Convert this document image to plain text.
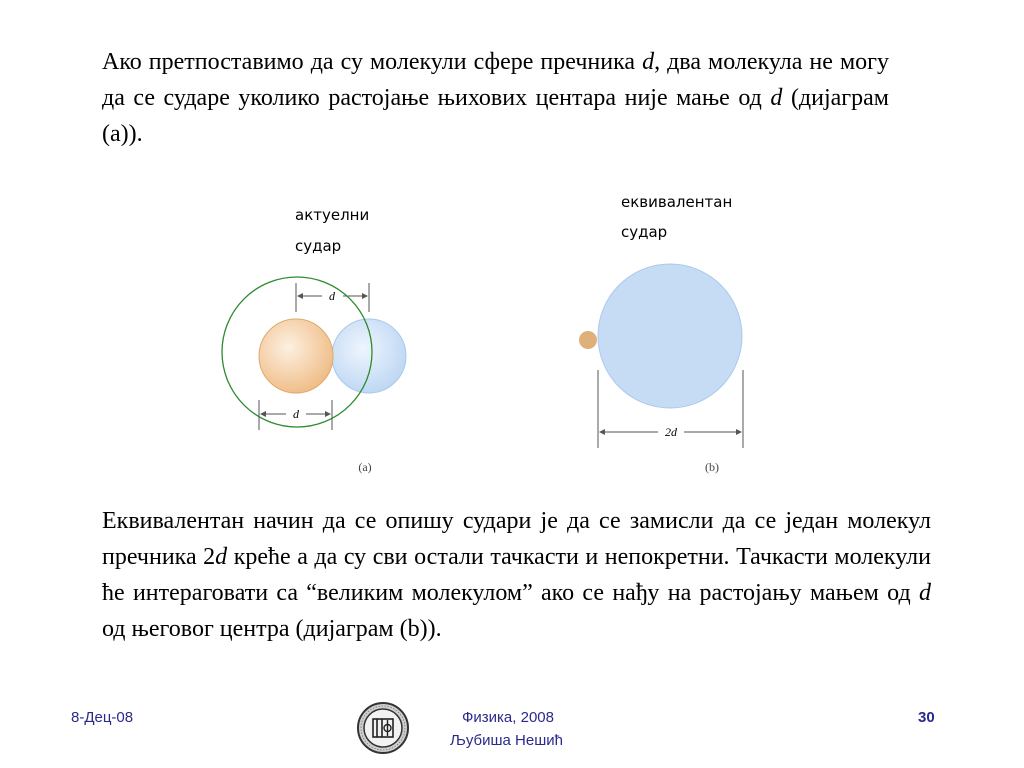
Ако претпоставимо да су молекули сфере пречника d, два молекула не могу да се сударе уколико растојање њихових центара није мање од d (дијаграм (а)).

актуелни
судар
d
d
(a)
еквивалентан
судар
2d
(b)

Еквивалентан начин да се опишу судари је да се замисли да се један молекул пречника 2d креће а да су сви остали тачкасти и непокретни. Тачкасти молекули ће интераговати са “великим молекулом” ако се нађу на растојању мањем од d од његовог центра (дијаграм (b)).

8-Дец-08	Физика, 2008
Љубиша Нешић
30
